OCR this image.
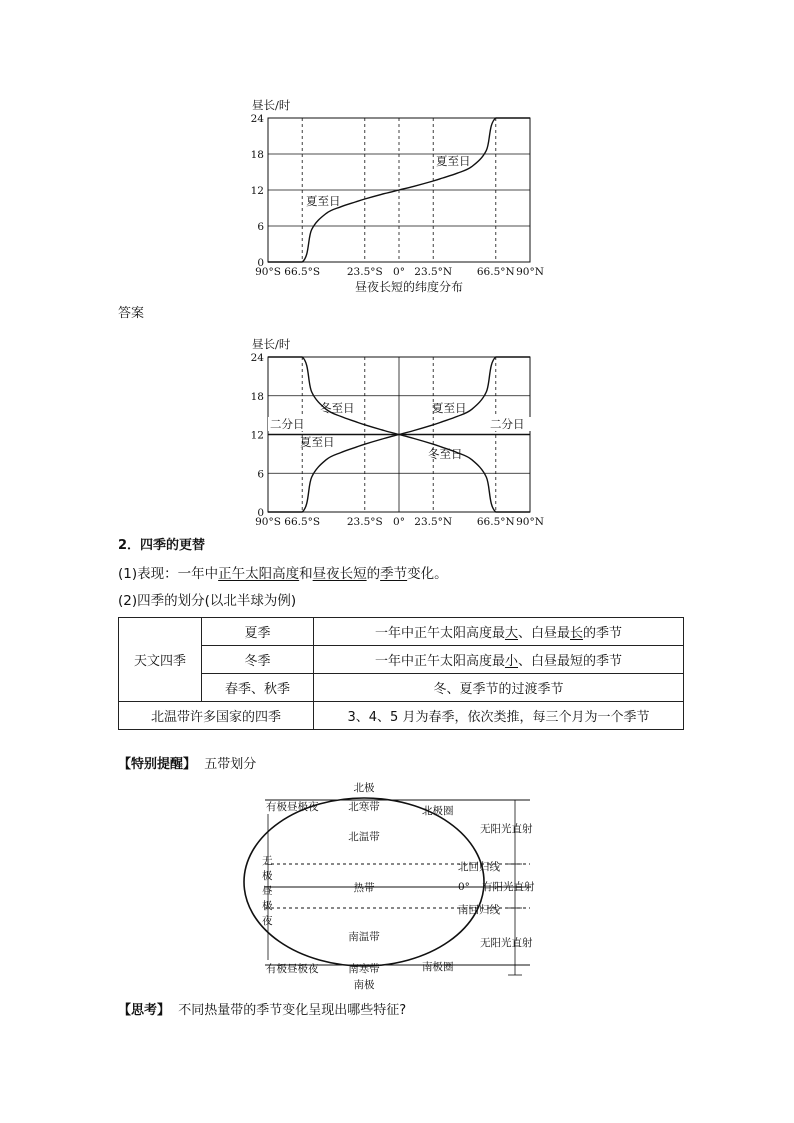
0
6
12
18
24
90°S 66.5°S	23.5°S 0° 23.5°N 66.5°N 90°N
昼长/时
夏至日
夏至日
昼夜长短的纬度分布
答案
0
6
12
18
24
90°S 66.5°S	23.5°S 0° 23.5°N 66.5°N 90°N
昼长/时
冬至日	夏至日
夏至日
冬至日
二分日	二分日
2．四季的更替
(1)表现：一年中正午太阳高度和昼夜长短的季节变化。
(2)四季的划分(以北半球为例)
天文四季	夏季	一年中正午太阳高度最大、白昼最长的季节
	冬季	一年中正午太阳高度最小、白昼最短的季节
	春季、秋季	冬、夏季节的过渡季节
北温带许多国家的四季		3、4、5 月为春季，依次类推，每三个月为一个季节
【特别提醒】 五带划分
北极
南极
北寒带
北温带
热带
南温带
南寒带
北极圈
南极圈
北回归线
0°
南回归线
有极昼极夜
有极昼极夜
无
极
昼
极
夜
无阳光直射
有阳光直射
无阳光直射
【思考】 不同热量带的季节变化呈现出哪些特征?
